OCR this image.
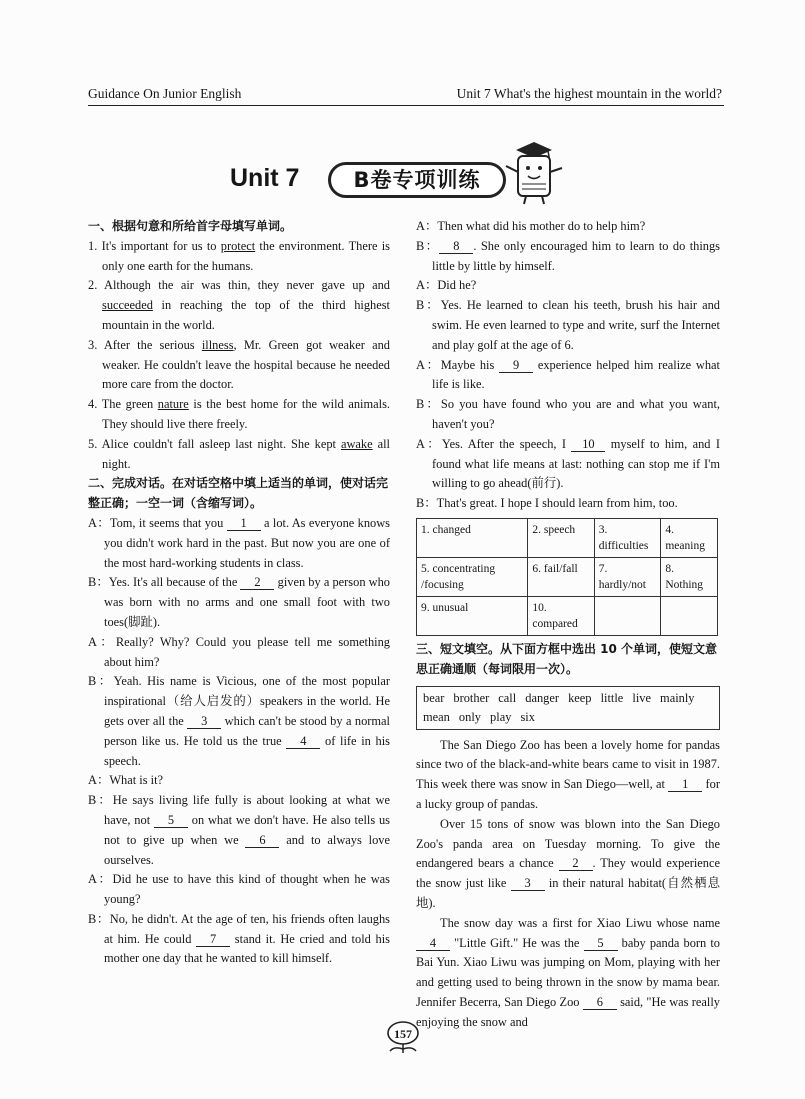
Guidance On Junior English	Unit 7 What's the highest mountain in the world?
Unit 7	B卷专项训练
一、根据句意和所给首字母填写单词。
1. It's important for us to protect the environment. There is only one earth for the humans.
2. Although the air was thin, they never gave up and succeeded in reaching the top of the third highest mountain in the world.
3. After the serious illness, Mr. Green got weaker and weaker. He couldn't leave the hospital because he needed more care from the doctor.
4. The green nature is the best home for the wild animals. They should live there freely.
5. Alice couldn't fall asleep last night. She kept awake all night.
二、完成对话。在对话空格中填上适当的单词，使对话完整正确；一空一词（含缩写词）。
A：Tom, it seems that you 1 a lot. As everyone knows you didn't work hard in the past. But now you are one of the most hard-working students in class.
B：Yes. It's all because of the 2 given by a person who was born with no arms and one small foot with two toes(脚趾).
A：Really? Why? Could you please tell me something about him?
B：Yeah. His name is Vicious, one of the most popular inspirational（给人启发的）speakers in the world. He gets over all the 3 which can't be stood by a normal person like us. He told us the true 4 of life in his speech.
A：What is it?
B：He says living life fully is about looking at what we have, not 5 on what we don't have. He also tells us not to give up when we 6 and to always love ourselves.
A：Did he use to have this kind of thought when he was young?
B：No, he didn't. At the age of ten, his friends often laughs at him. He could 7 stand it. He cried and told his mother one day that he wanted to kill himself.
A：Then what did his mother do to help him?
B： 8 . She only encouraged him to learn to do things little by little by himself.
A：Did he?
B：Yes. He learned to clean his teeth, brush his hair and swim. He even learned to type and write, surf the Internet and play golf at the age of 6.
A：Maybe his 9 experience helped him realize what life is like.
B：So you have found who you are and what you want, haven't you?
A：Yes. After the speech, I 10 myself to him, and I found what life means at last: nothing can stop me if I'm willing to go ahead(前行).
B：That's great. I hope I should learn from him, too.
1. changed	2. speech	3. difficulties	4. meaning
5. concentrating /focusing	6. fail/fall	7. hardly/not	8. Nothing
9. unusual	10. compared		
三、短文填空。从下面方框中选出 10 个单词，使短文意思正确通顺（每词限用一次）。
bear brother call danger keep little live mainly mean only play six
The San Diego Zoo has been a lovely home for pandas since two of the black-and-white bears came to visit in 1987. This week there was snow in San Diego—well, at 1 for a lucky group of pandas.
Over 15 tons of snow was blown into the San Diego Zoo's panda area on Tuesday morning. To give the endangered bears a chance 2 . They would experience the snow just like 3 in their natural habitat(自然栖息地).
The snow day was a first for Xiao Liwu whose name 4 "Little Gift." He was the 5 baby panda born to Bai Yun. Xiao Liwu was jumping on Mom, playing with her and getting used to being thrown in the snow by mama bear. Jennifer Becerra, San Diego Zoo 6 said, "He was really enjoying the snow and
157
